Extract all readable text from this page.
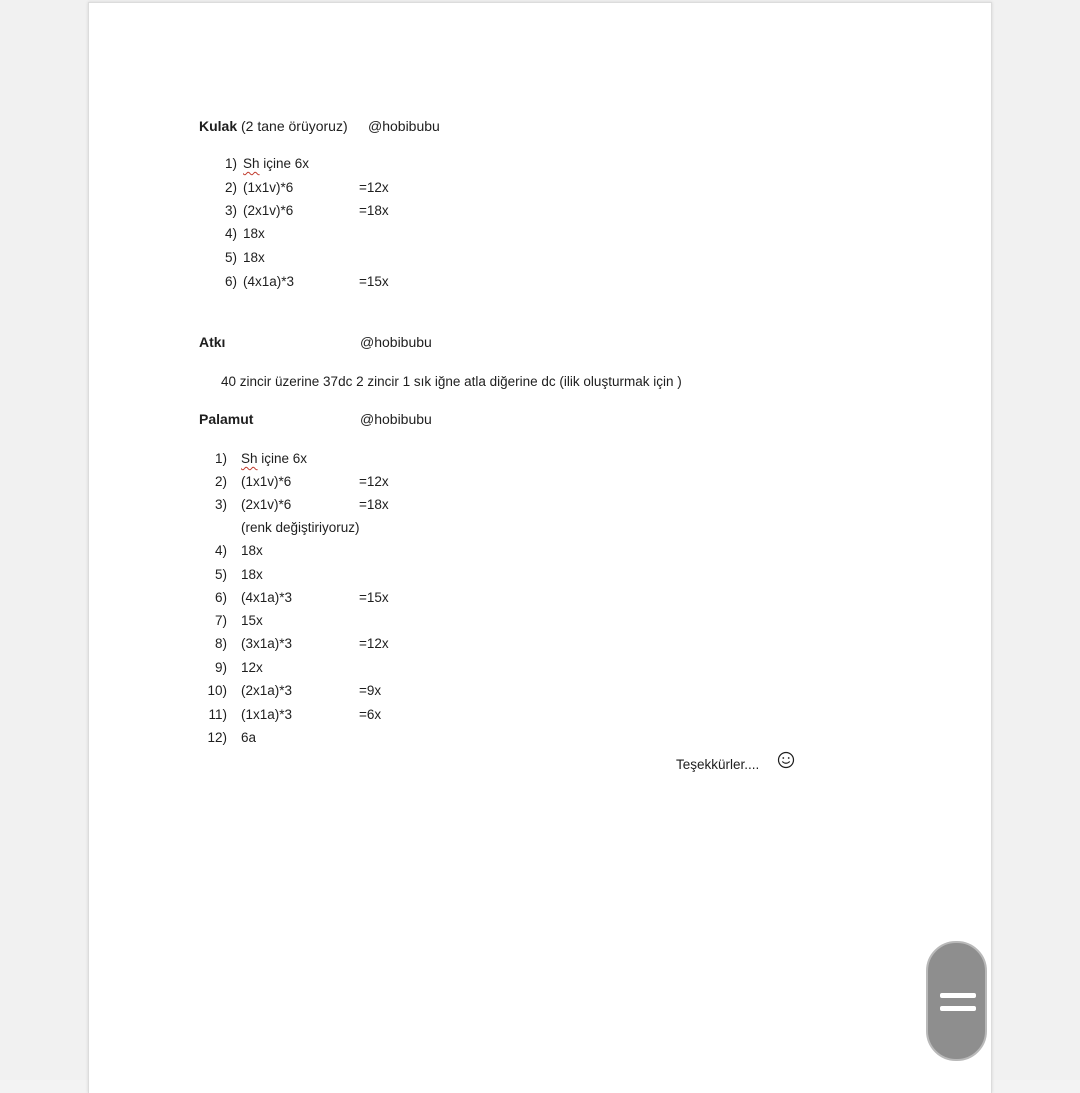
Kulak (2 tane örüyoruz) @hobibubu
1) Sh içine 6x
2) (1x1v)*6	=12x
3) (2x1v)*6	=18x
4) 18x
5) 18x
6) (4x1a)*3	=15x
Atkı	@hobibubu
40 zincir üzerine 37dc 2 zincir 1 sık iğne atla diğerine dc (ilik oluşturmak için )
Palamut	@hobibubu
1) Sh içine 6x
2) (1x1v)*6	=12x
3) (2x1v)*6	=18x
(renk değiştiriyoruz)
4) 18x
5) 18x
6) (4x1a)*3	=15x
7) 15x
8) (3x1a)*3	=12x
9) 12x
10) (2x1a)*3	=9x
11) (1x1a)*3	=6x
12) 6a
Teşekkürler....
